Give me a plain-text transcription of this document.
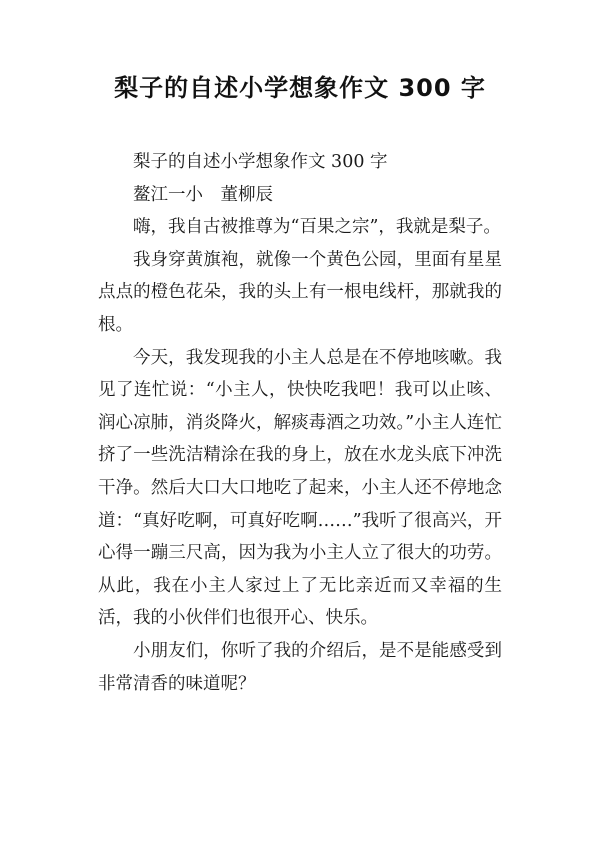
梨子的自述小学想象作文 300 字

梨子的自述小学想象作文 300 字

鳌江一小　董柳辰

嗨，我自古被推尊为“百果之宗”，我就是梨子。

我身穿黄旗袍，就像一个黄色公园，里面有星星点点的橙色花朵，我的头上有一根电线杆，那就我的根。

今天，我发现我的小主人总是在不停地咳嗽。我见了连忙说：“小主人，快快吃我吧！我可以止咳、润心凉肺，消炎降火，解痰毒酒之功效。”小主人连忙挤了一些洗洁精涂在我的身上，放在水龙头底下冲洗干净。然后大口大口地吃了起来，小主人还不停地念道：“真好吃啊，可真好吃啊……”我听了很高兴，开心得一蹦三尺高，因为我为小主人立了很大的功劳。从此，我在小主人家过上了无比亲近而又幸福的生活，我的小伙伴们也很开心、快乐。

小朋友们，你听了我的介绍后，是不是能感受到非常清香的味道呢？
